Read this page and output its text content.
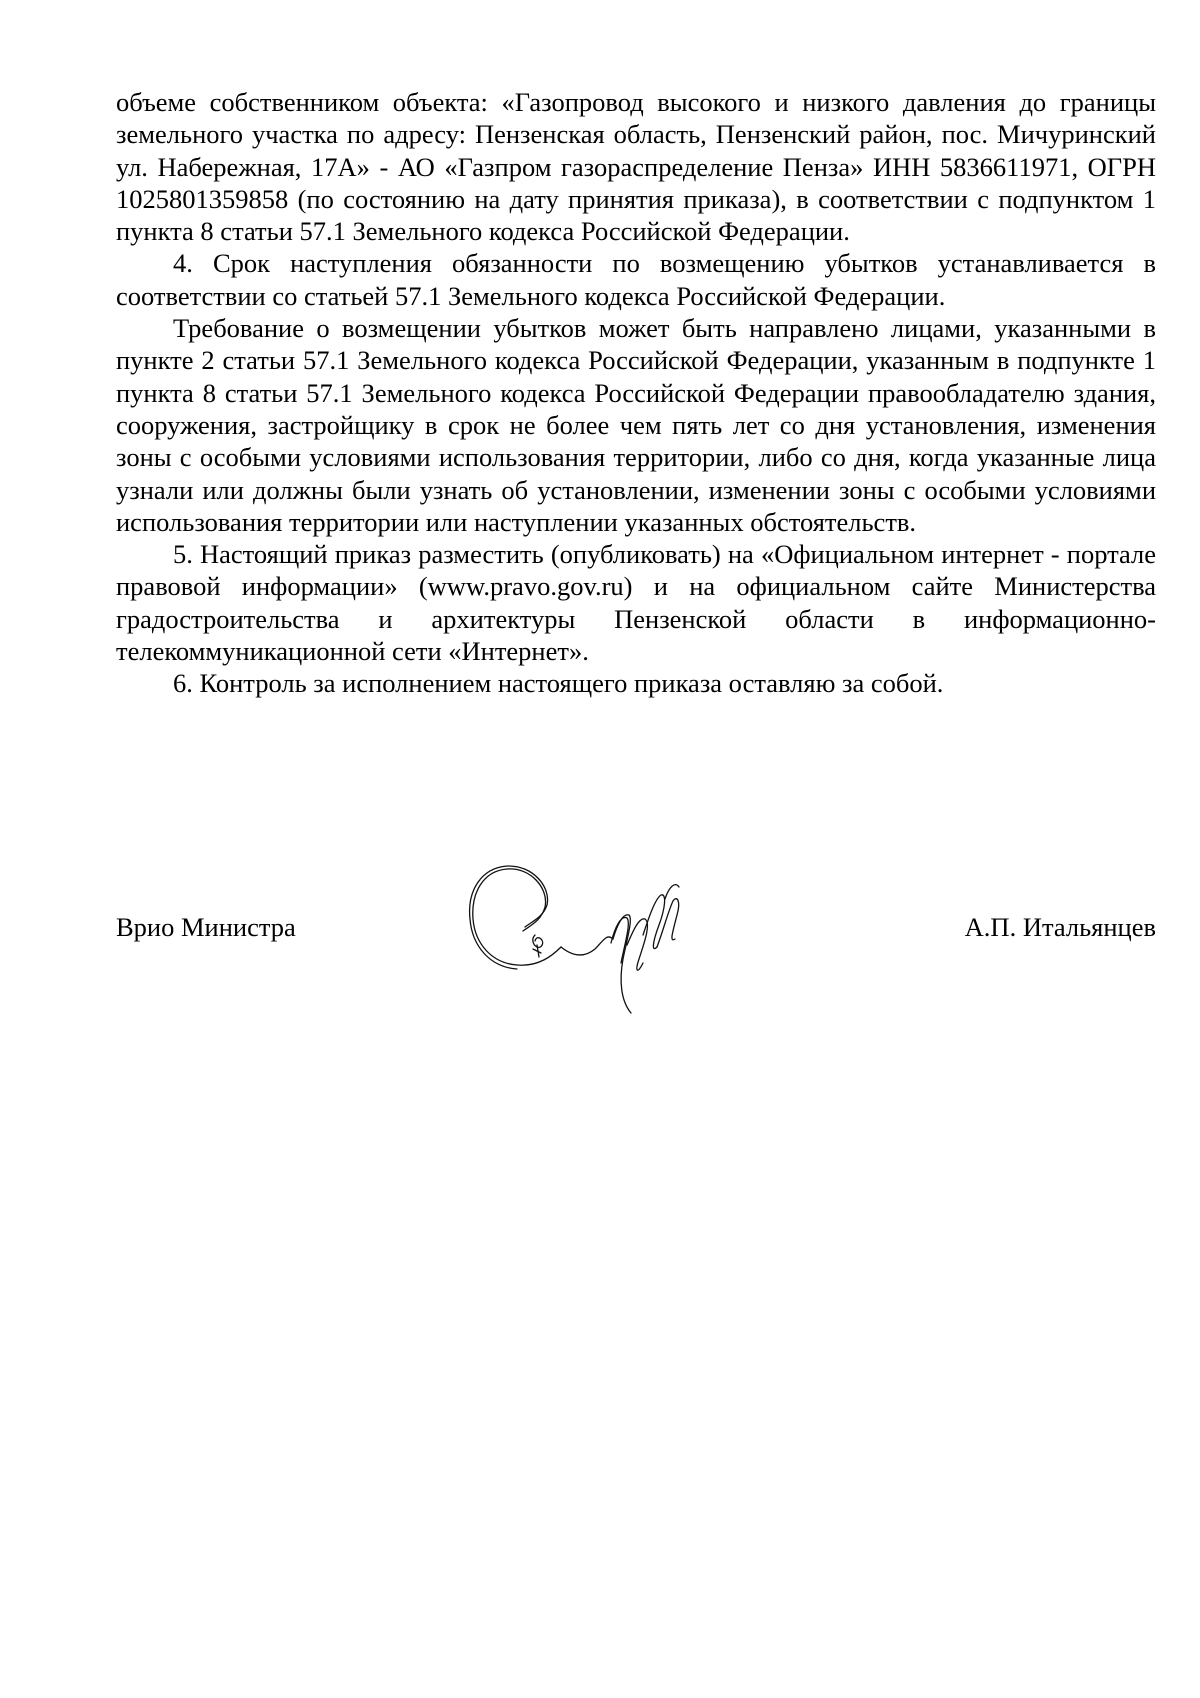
объеме собственником объекта: «Газопровод высокого и низкого давления до границы земельного участка по адресу: Пензенская область, Пензенский район, пос. Мичуринский ул. Набережная, 17А» - АО «Газпром газораспределение Пенза» ИНН 5836611971, ОГРН 1025801359858 (по состоянию на дату принятия приказа), в соответствии с подпунктом 1 пункта 8 статьи 57.1 Земельного кодекса Российской Федерации.

4. Срок наступления обязанности по возмещению убытков устанавливается в соответствии со статьей 57.1 Земельного кодекса Российской Федерации.

Требование о возмещении убытков может быть направлено лицами, указанными в пункте 2 статьи 57.1 Земельного кодекса Российской Федерации, указанным в подпункте 1 пункта 8 статьи 57.1 Земельного кодекса Российской Федерации правообладателю здания, сооружения, застройщику в срок не более чем пять лет со дня установления, изменения зоны с особыми условиями использования территории, либо со дня, когда указанные лица узнали или должны были узнать об установлении, изменении зоны с особыми условиями использования территории или наступлении указанных обстоятельств.

5. Настоящий приказ разместить (опубликовать) на «Официальном интернет - портале правовой информации» (www.pravo.gov.ru) и на официальном сайте Министерства градостроительства и архитектуры Пензенской области в информационно-телекоммуникационной сети «Интернет».

6. Контроль за исполнением настоящего приказа оставляю за собой.

Врио Министра	А.П. Итальянцев
